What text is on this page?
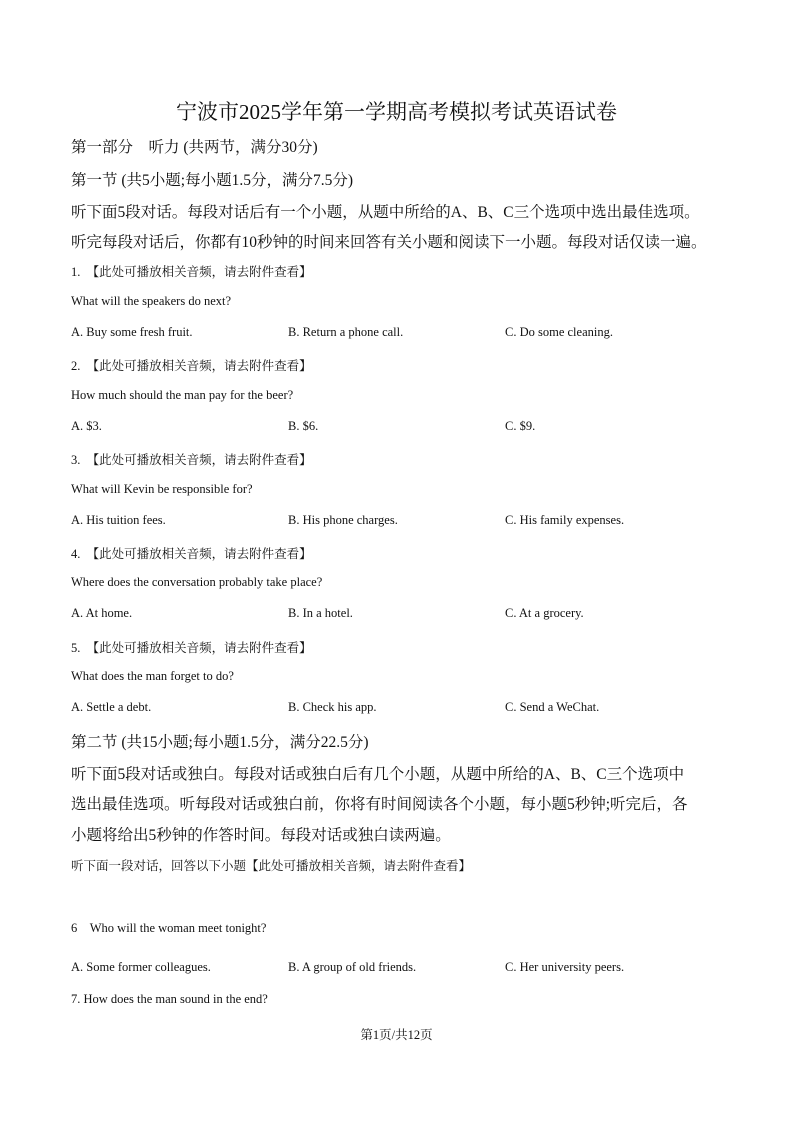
宁波市2025学年第一学期高考模拟考试英语试卷
第一部分　听力 (共两节，满分30分)
第一节 (共5小题;每小题1.5分，满分7.5分)
听下面5段对话。每段对话后有一个小题，从题中所给的A、B、C三个选项中选出最佳选项。
听完每段对话后，你都有10秒钟的时间来回答有关小题和阅读下一小题。每段对话仅读一遍。
1.　【此处可播放相关音频，请去附件查看】
What will the speakers do next?
A. Buy some fresh fruit.	B. Return a phone call.	C. Do some cleaning.
2.　【此处可播放相关音频，请去附件查看】
How much should the man pay for the beer?
A. $3.	B. $6.	C. $9.
3.　【此处可播放相关音频，请去附件查看】
What will Kevin be responsible for?
A. His tuition fees.	B. His phone charges.	C. His family expenses.
4.　【此处可播放相关音频，请去附件查看】
Where does the conversation probably take place?
A. At home.	B. In a hotel.	C. At a grocery.
5.　【此处可播放相关音频，请去附件查看】
What does the man forget to do?
A. Settle a debt.	B. Check his app.	C. Send a WeChat.
第二节 (共15小题;每小题1.5分，满分22.5分)
听下面5段对话或独白。每段对话或独白后有几个小题，从题中所给的A、B、C三个选项中
选出最佳选项。听每段对话或独白前，你将有时间阅读各个小题，每小题5秒钟;听完后，各
小题将给出5秒钟的作答时间。每段对话或独白读两遍。
听下面一段对话，回答以下小题【此处可播放相关音频，请去附件查看】
6　Who will the woman meet tonight?
A. Some former colleagues.	B. A group of old friends.	C. Her university peers.
7. How does the man sound in the end?
第1页/共12页
